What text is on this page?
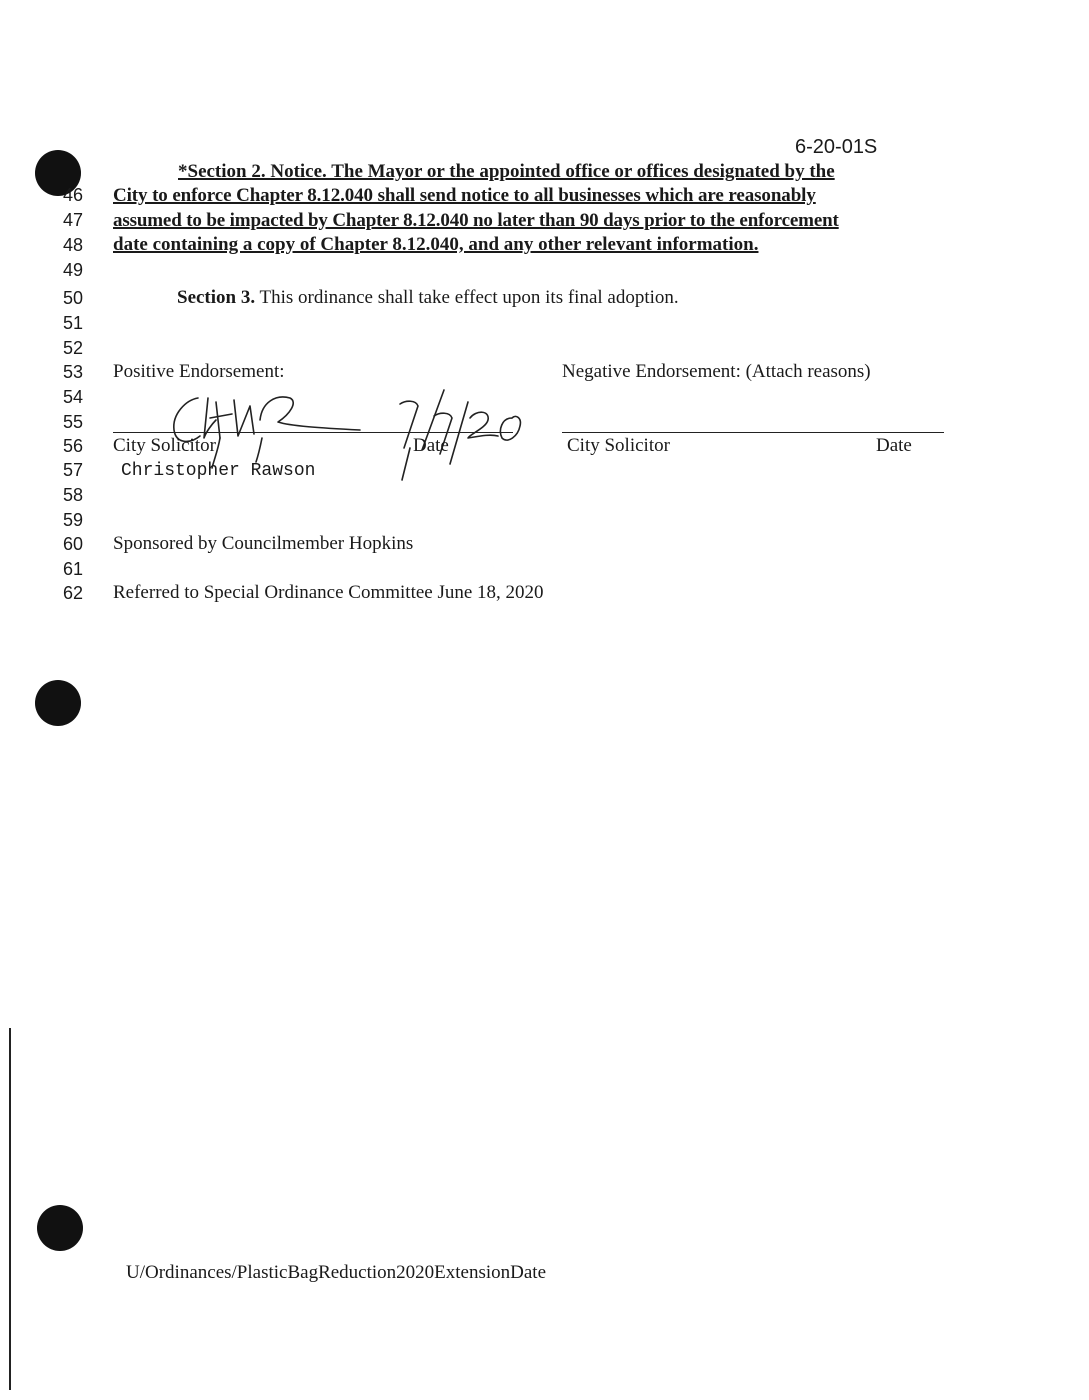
6-20-01S
46
47
48
49
50
51
52
53
54
55
56
57
58
59
60
61
62
*Section 2. Notice. The Mayor or the appointed office or offices designated by the
City to enforce Chapter 8.12.040 shall send notice to all businesses which are reasonably
assumed to be impacted by Chapter 8.12.040 no later than 90 days prior to the enforcement
date containing a copy of Chapter 8.12.040, and any other relevant information.
Section 3. This ordinance shall take effect upon its final adoption.
Positive Endorsement:	Negative Endorsement: (Attach reasons)
City Solicitor	Date
Christopher Rawson
City Solicitor	Date
Sponsored by Councilmember Hopkins
Referred to Special Ordinance Committee June 18, 2020
U/Ordinances/PlasticBagReduction2020ExtensionDate
